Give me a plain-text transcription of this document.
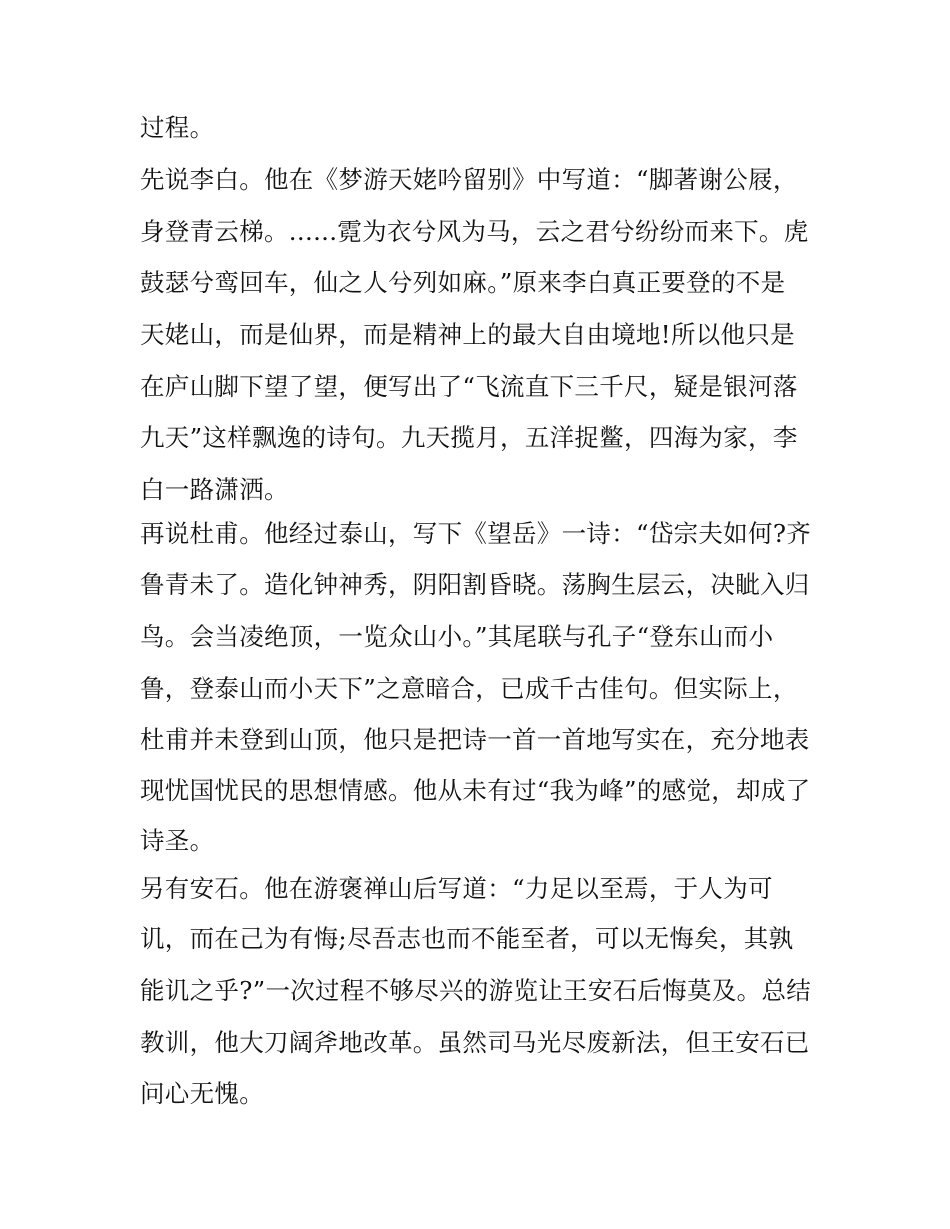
过程。
先说李白。他在《梦游天姥吟留别》中写道：“脚著谢公屐，
身登青云梯。......霓为衣兮风为马，云之君兮纷纷而来下。虎
鼓瑟兮鸾回车，仙之人兮列如麻。”原来李白真正要登的不是
天姥山，而是仙界，而是精神上的最大自由境地!所以他只是
在庐山脚下望了望，便写出了“飞流直下三千尺，疑是银河落
九天”这样飘逸的诗句。九天揽月，五洋捉鳖，四海为家，李
白一路潇洒。
再说杜甫。他经过泰山，写下《望岳》一诗：“岱宗夫如何?齐
鲁青未了。造化钟神秀，阴阳割昏晓。荡胸生层云，决眦入归
鸟。会当凌绝顶，一览众山小。”其尾联与孔子“登东山而小
鲁，登泰山而小天下”之意暗合，已成千古佳句。但实际上，
杜甫并未登到山顶，他只是把诗一首一首地写实在，充分地表
现忧国忧民的思想情感。他从未有过“我为峰”的感觉，却成了
诗圣。
另有安石。他在游褒禅山后写道：“力足以至焉，于人为可
讥，而在己为有悔;尽吾志也而不能至者，可以无悔矣，其孰
能讥之乎?”一次过程不够尽兴的游览让王安石后悔莫及。总结
教训，他大刀阔斧地改革。虽然司马光尽废新法，但王安石已
问心无愧。
